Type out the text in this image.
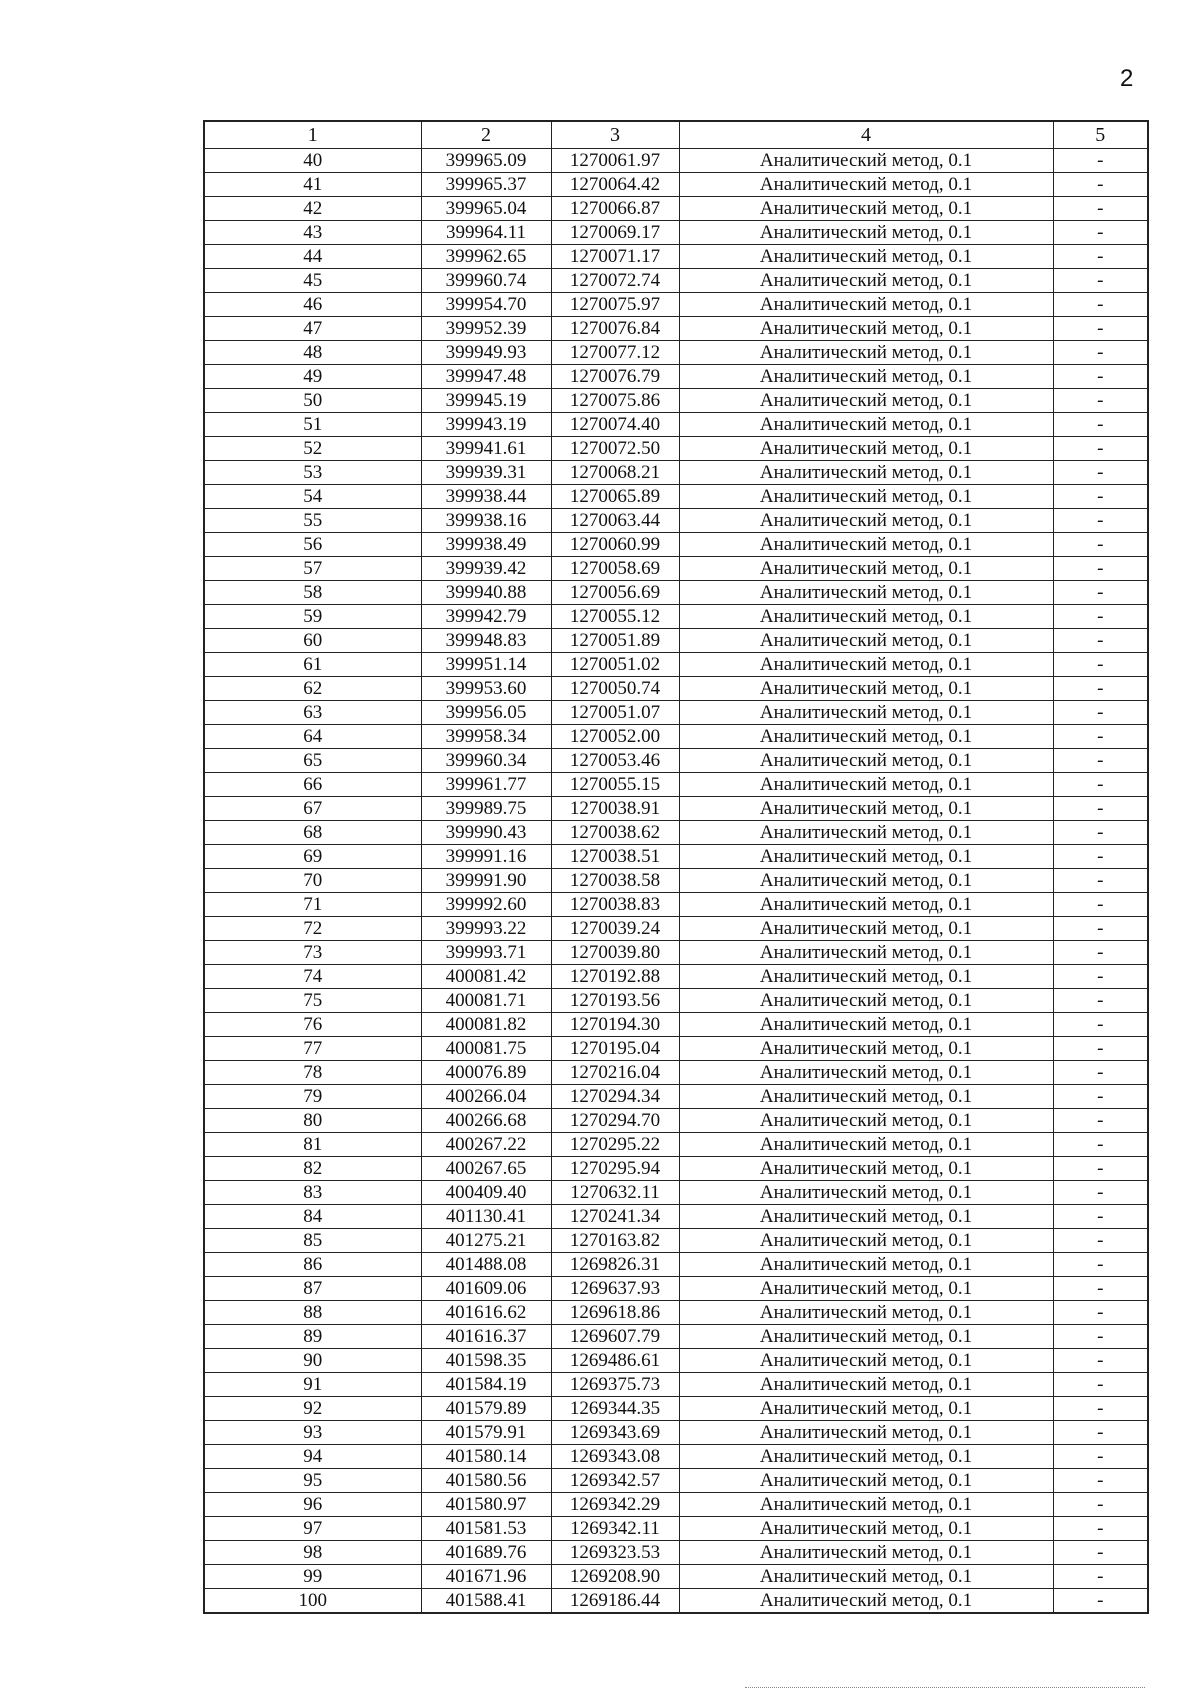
2
1	2	3	4	5
40	399965.09	1270061.97	Аналитический метод, 0.1	-
41	399965.37	1270064.42	Аналитический метод, 0.1	-
42	399965.04	1270066.87	Аналитический метод, 0.1	-
43	399964.11	1270069.17	Аналитический метод, 0.1	-
44	399962.65	1270071.17	Аналитический метод, 0.1	-
45	399960.74	1270072.74	Аналитический метод, 0.1	-
46	399954.70	1270075.97	Аналитический метод, 0.1	-
47	399952.39	1270076.84	Аналитический метод, 0.1	-
48	399949.93	1270077.12	Аналитический метод, 0.1	-
49	399947.48	1270076.79	Аналитический метод, 0.1	-
50	399945.19	1270075.86	Аналитический метод, 0.1	-
51	399943.19	1270074.40	Аналитический метод, 0.1	-
52	399941.61	1270072.50	Аналитический метод, 0.1	-
53	399939.31	1270068.21	Аналитический метод, 0.1	-
54	399938.44	1270065.89	Аналитический метод, 0.1	-
55	399938.16	1270063.44	Аналитический метод, 0.1	-
56	399938.49	1270060.99	Аналитический метод, 0.1	-
57	399939.42	1270058.69	Аналитический метод, 0.1	-
58	399940.88	1270056.69	Аналитический метод, 0.1	-
59	399942.79	1270055.12	Аналитический метод, 0.1	-
60	399948.83	1270051.89	Аналитический метод, 0.1	-
61	399951.14	1270051.02	Аналитический метод, 0.1	-
62	399953.60	1270050.74	Аналитический метод, 0.1	-
63	399956.05	1270051.07	Аналитический метод, 0.1	-
64	399958.34	1270052.00	Аналитический метод, 0.1	-
65	399960.34	1270053.46	Аналитический метод, 0.1	-
66	399961.77	1270055.15	Аналитический метод, 0.1	-
67	399989.75	1270038.91	Аналитический метод, 0.1	-
68	399990.43	1270038.62	Аналитический метод, 0.1	-
69	399991.16	1270038.51	Аналитический метод, 0.1	-
70	399991.90	1270038.58	Аналитический метод, 0.1	-
71	399992.60	1270038.83	Аналитический метод, 0.1	-
72	399993.22	1270039.24	Аналитический метод, 0.1	-
73	399993.71	1270039.80	Аналитический метод, 0.1	-
74	400081.42	1270192.88	Аналитический метод, 0.1	-
75	400081.71	1270193.56	Аналитический метод, 0.1	-
76	400081.82	1270194.30	Аналитический метод, 0.1	-
77	400081.75	1270195.04	Аналитический метод, 0.1	-
78	400076.89	1270216.04	Аналитический метод, 0.1	-
79	400266.04	1270294.34	Аналитический метод, 0.1	-
80	400266.68	1270294.70	Аналитический метод, 0.1	-
81	400267.22	1270295.22	Аналитический метод, 0.1	-
82	400267.65	1270295.94	Аналитический метод, 0.1	-
83	400409.40	1270632.11	Аналитический метод, 0.1	-
84	401130.41	1270241.34	Аналитический метод, 0.1	-
85	401275.21	1270163.82	Аналитический метод, 0.1	-
86	401488.08	1269826.31	Аналитический метод, 0.1	-
87	401609.06	1269637.93	Аналитический метод, 0.1	-
88	401616.62	1269618.86	Аналитический метод, 0.1	-
89	401616.37	1269607.79	Аналитический метод, 0.1	-
90	401598.35	1269486.61	Аналитический метод, 0.1	-
91	401584.19	1269375.73	Аналитический метод, 0.1	-
92	401579.89	1269344.35	Аналитический метод, 0.1	-
93	401579.91	1269343.69	Аналитический метод, 0.1	-
94	401580.14	1269343.08	Аналитический метод, 0.1	-
95	401580.56	1269342.57	Аналитический метод, 0.1	-
96	401580.97	1269342.29	Аналитический метод, 0.1	-
97	401581.53	1269342.11	Аналитический метод, 0.1	-
98	401689.76	1269323.53	Аналитический метод, 0.1	-
99	401671.96	1269208.90	Аналитический метод, 0.1	-
100	401588.41	1269186.44	Аналитический метод, 0.1	-
